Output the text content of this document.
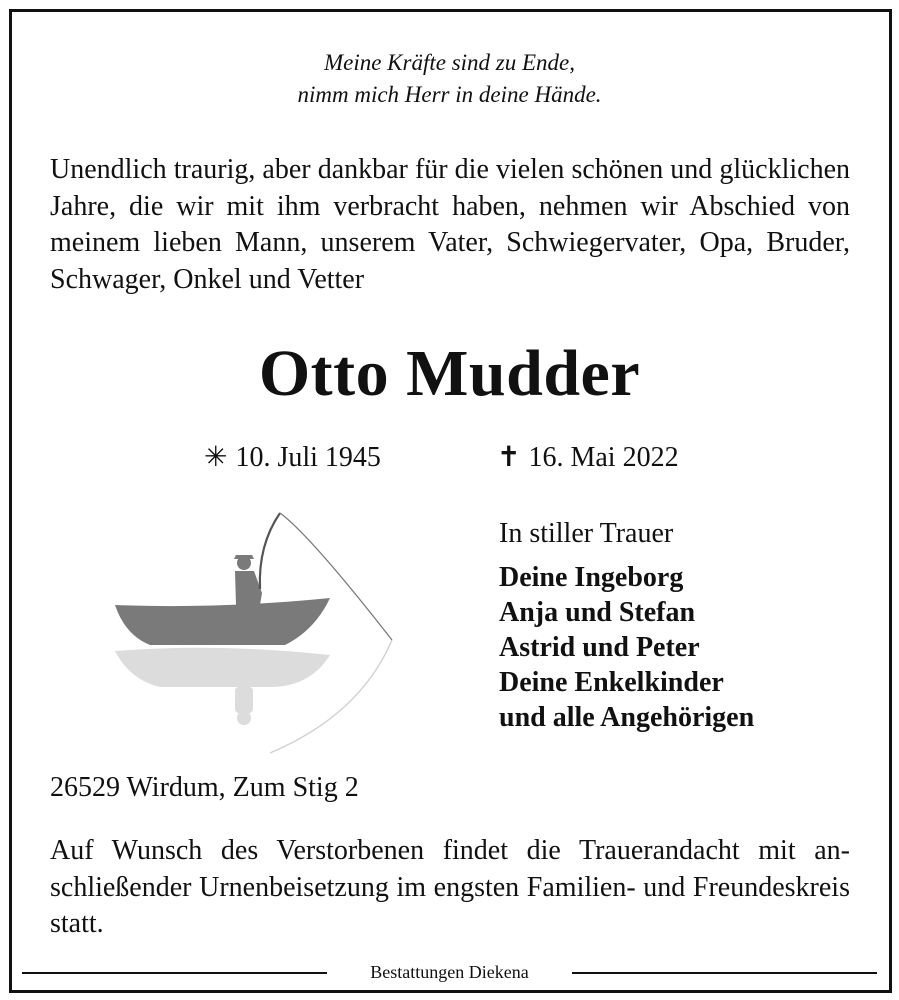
Meine Kräfte sind zu Ende,
nimm mich Herr in deine Hände.
Unendlich traurig, aber dankbar für die vielen schönen und glücklichen Jahre, die wir mit ihm verbracht haben, nehmen wir Abschied von meinem lieben Mann, unserem Vater, Schwiegervater, Opa, Bruder, Schwager, Onkel und Vetter
Otto Mudder
✳ 10. Juli 1945	✝ 16. Mai 2022
In stiller Trauer
Deine Ingeborg
Anja und Stefan
Astrid und Peter
Deine Enkelkinder
und alle Angehörigen
26529 Wirdum, Zum Stig 2
Auf Wunsch des Verstorbenen findet die Trauerandacht mit anschließender Urnenbeisetzung im engsten Familien- und Freundeskreis statt.
Bestattungen Diekena
